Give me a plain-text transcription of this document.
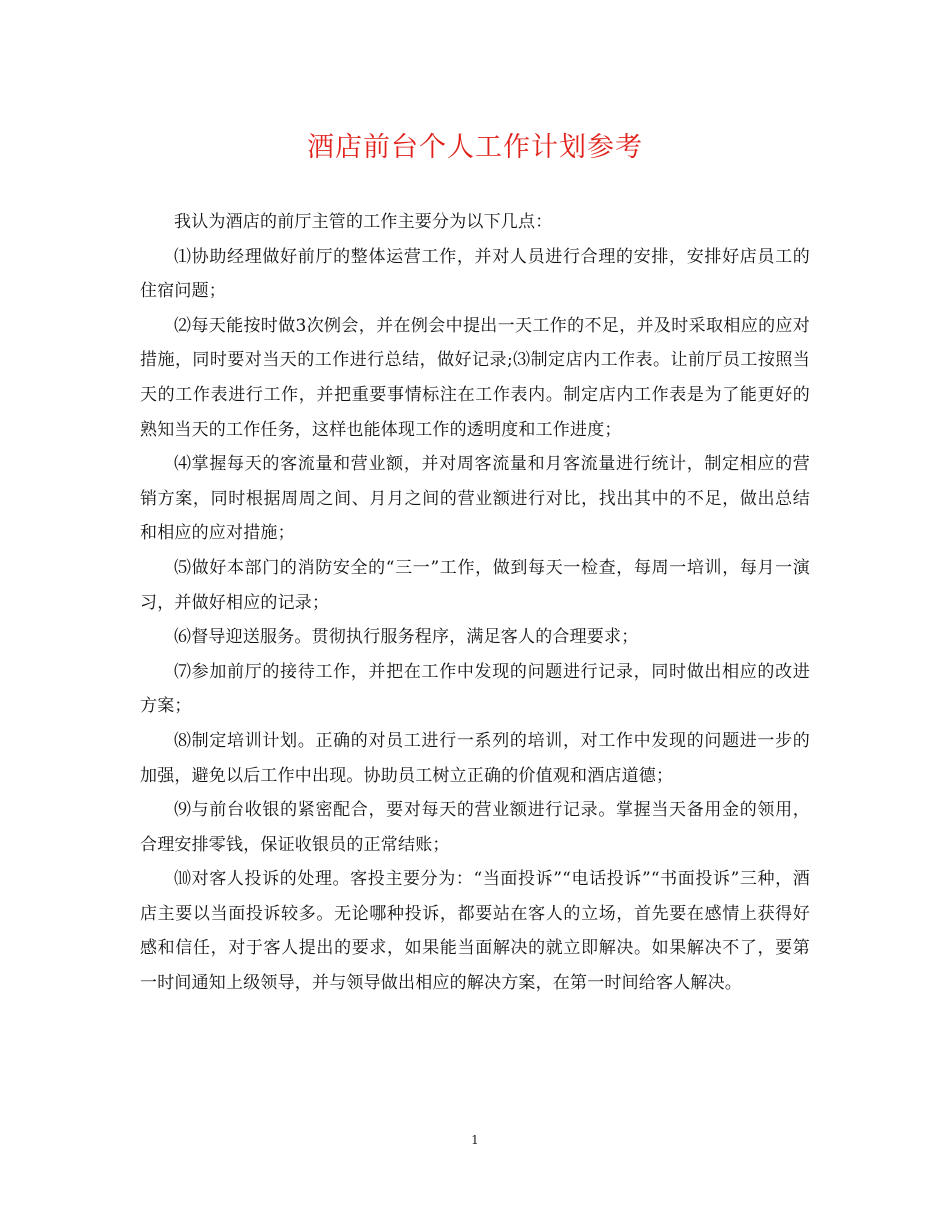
酒店前台个人工作计划参考

我认为酒店的前厅主管的工作主要分为以下几点：

⑴协助经理做好前厅的整体运营工作，并对人员进行合理的安排，安排好店员工的住宿问题；

⑵每天能按时做3次例会，并在例会中提出一天工作的不足，并及时采取相应的应对措施，同时要对当天的工作进行总结，做好记录;⑶制定店内工作表。让前厅员工按照当天的工作表进行工作，并把重要事情标注在工作表内。制定店内工作表是为了能更好的熟知当天的工作任务，这样也能体现工作的透明度和工作进度；

⑷掌握每天的客流量和营业额，并对周客流量和月客流量进行统计，制定相应的营销方案，同时根据周周之间、月月之间的营业额进行对比，找出其中的不足，做出总结和相应的应对措施；

⑸做好本部门的消防安全的“三一”工作，做到每天一检查，每周一培训，每月一演习，并做好相应的记录；

⑹督导迎送服务。贯彻执行服务程序，满足客人的合理要求；

⑺参加前厅的接待工作，并把在工作中发现的问题进行记录，同时做出相应的改进方案；

⑻制定培训计划。正确的对员工进行一系列的培训，对工作中发现的问题进一步的加强，避免以后工作中出现。协助员工树立正确的价值观和酒店道德；

⑼与前台收银的紧密配合，要对每天的营业额进行记录。掌握当天备用金的领用，合理安排零钱，保证收银员的正常结账；

⑽对客人投诉的处理。客投主要分为：“当面投诉”“电话投诉”“书面投诉”三种，酒店主要以当面投诉较多。无论哪种投诉，都要站在客人的立场，首先要在感情上获得好感和信任，对于客人提出的要求，如果能当面解决的就立即解决。如果解决不了，要第一时间通知上级领导，并与领导做出相应的解决方案，在第一时间给客人解决。

1
